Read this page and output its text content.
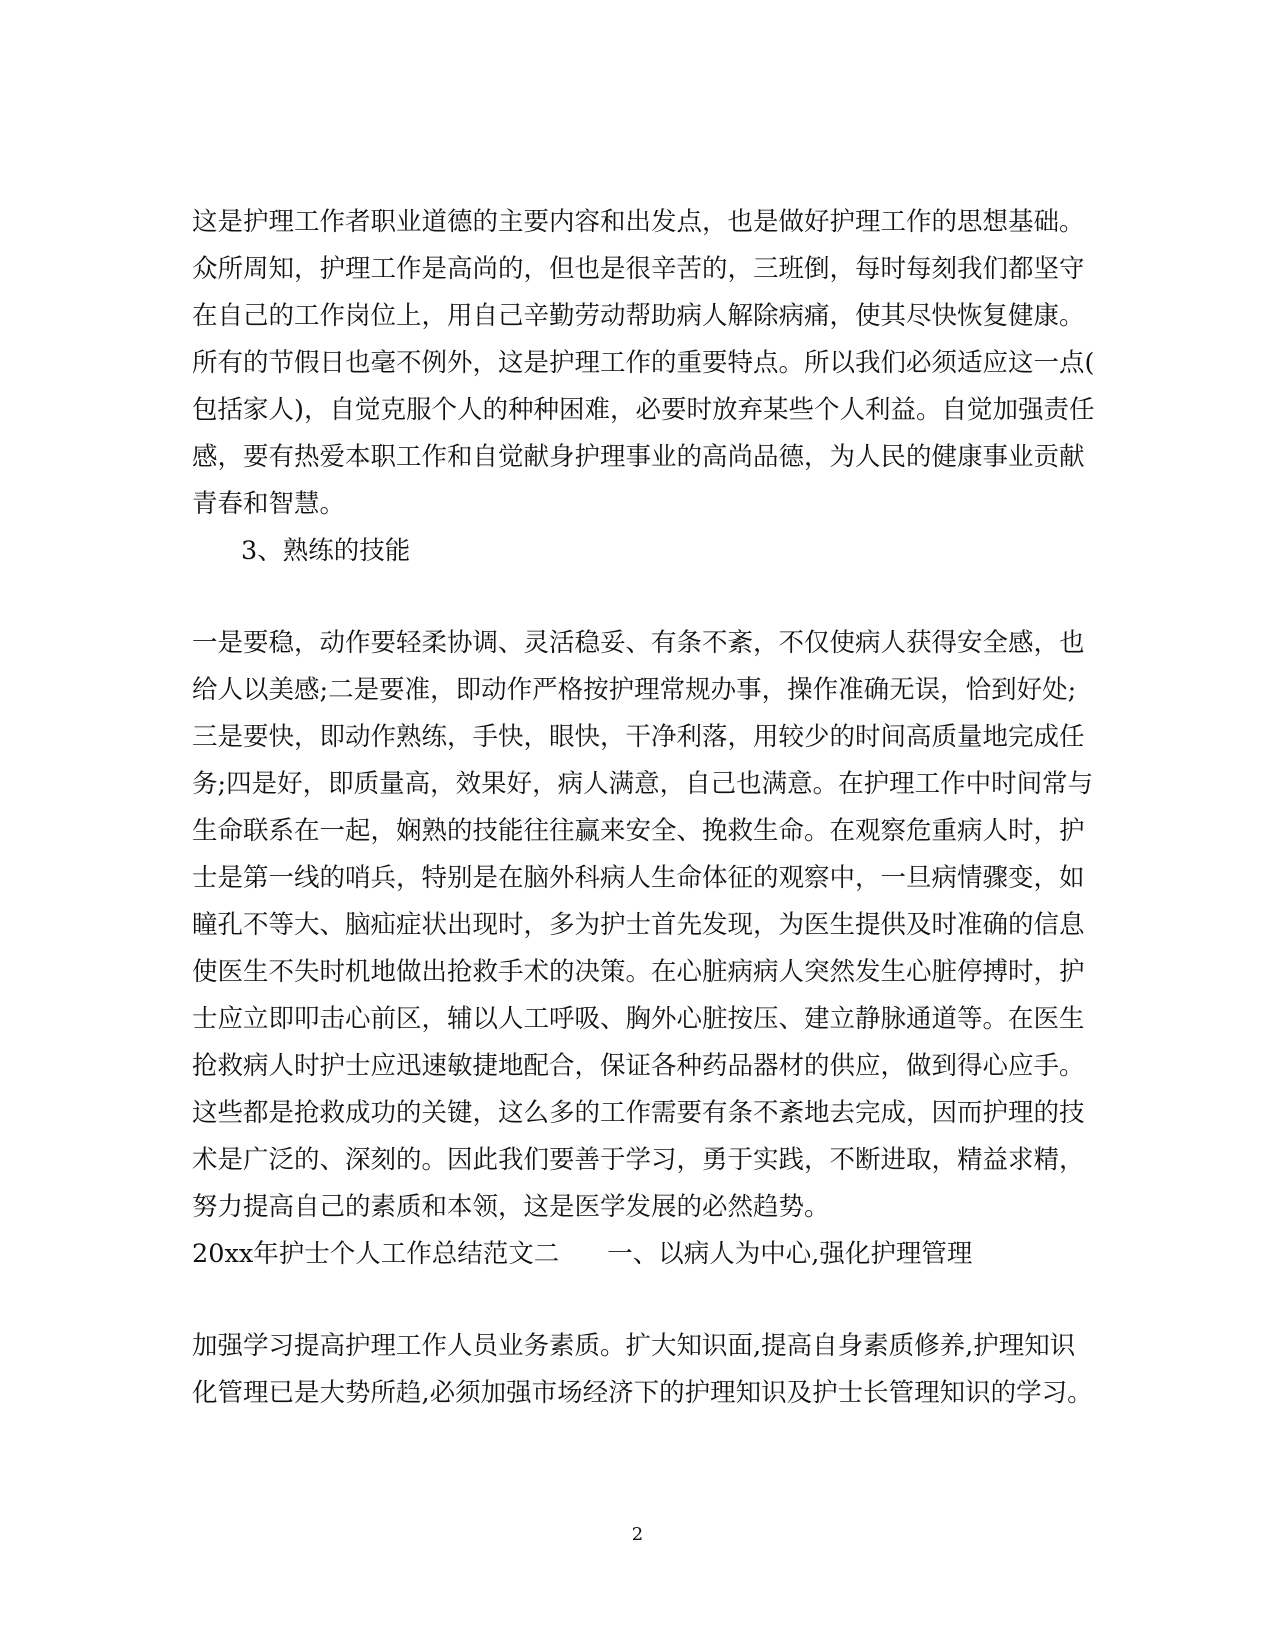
这是护理工作者职业道德的主要内容和出发点，也是做好护理工作的思想基础。
众所周知，护理工作是高尚的，但也是很辛苦的，三班倒，每时每刻我们都坚守
在自己的工作岗位上，用自己辛勤劳动帮助病人解除病痛，使其尽快恢复健康。
所有的节假日也毫不例外，这是护理工作的重要特点。所以我们必须适应这一点(
包括家人)，自觉克服个人的种种困难，必要时放弃某些个人利益。自觉加强责任
感，要有热爱本职工作和自觉献身护理事业的高尚品德，为人民的健康事业贡献
青春和智慧。
3、熟练的技能
一是要稳，动作要轻柔协调、灵活稳妥、有条不紊，不仅使病人获得安全感，也
给人以美感;二是要准，即动作严格按护理常规办事，操作准确无误，恰到好处;
三是要快，即动作熟练，手快，眼快，干净利落，用较少的时间高质量地完成任
务;四是好，即质量高，效果好，病人满意，自己也满意。在护理工作中时间常与
生命联系在一起，娴熟的技能往往赢来安全、挽救生命。在观察危重病人时，护
士是第一线的哨兵，特别是在脑外科病人生命体征的观察中，一旦病情骤变，如
瞳孔不等大、脑疝症状出现时，多为护士首先发现，为医生提供及时准确的信息
使医生不失时机地做出抢救手术的决策。在心脏病病人突然发生心脏停搏时，护
士应立即叩击心前区，辅以人工呼吸、胸外心脏按压、建立静脉通道等。在医生
抢救病人时护士应迅速敏捷地配合，保证各种药品器材的供应，做到得心应手。
这些都是抢救成功的关键，这么多的工作需要有条不紊地去完成，因而护理的技
术是广泛的、深刻的。因此我们要善于学习，勇于实践，不断进取，精益求精，
努力提高自己的素质和本领，这是医学发展的必然趋势。
20xx年护士个人工作总结范文二 一、以病人为中心,强化护理管理
加强学习提高护理工作人员业务素质。扩大知识面,提高自身素质修养,护理知识
化管理已是大势所趋,必须加强市场经济下的护理知识及护士长管理知识的学习。
2
